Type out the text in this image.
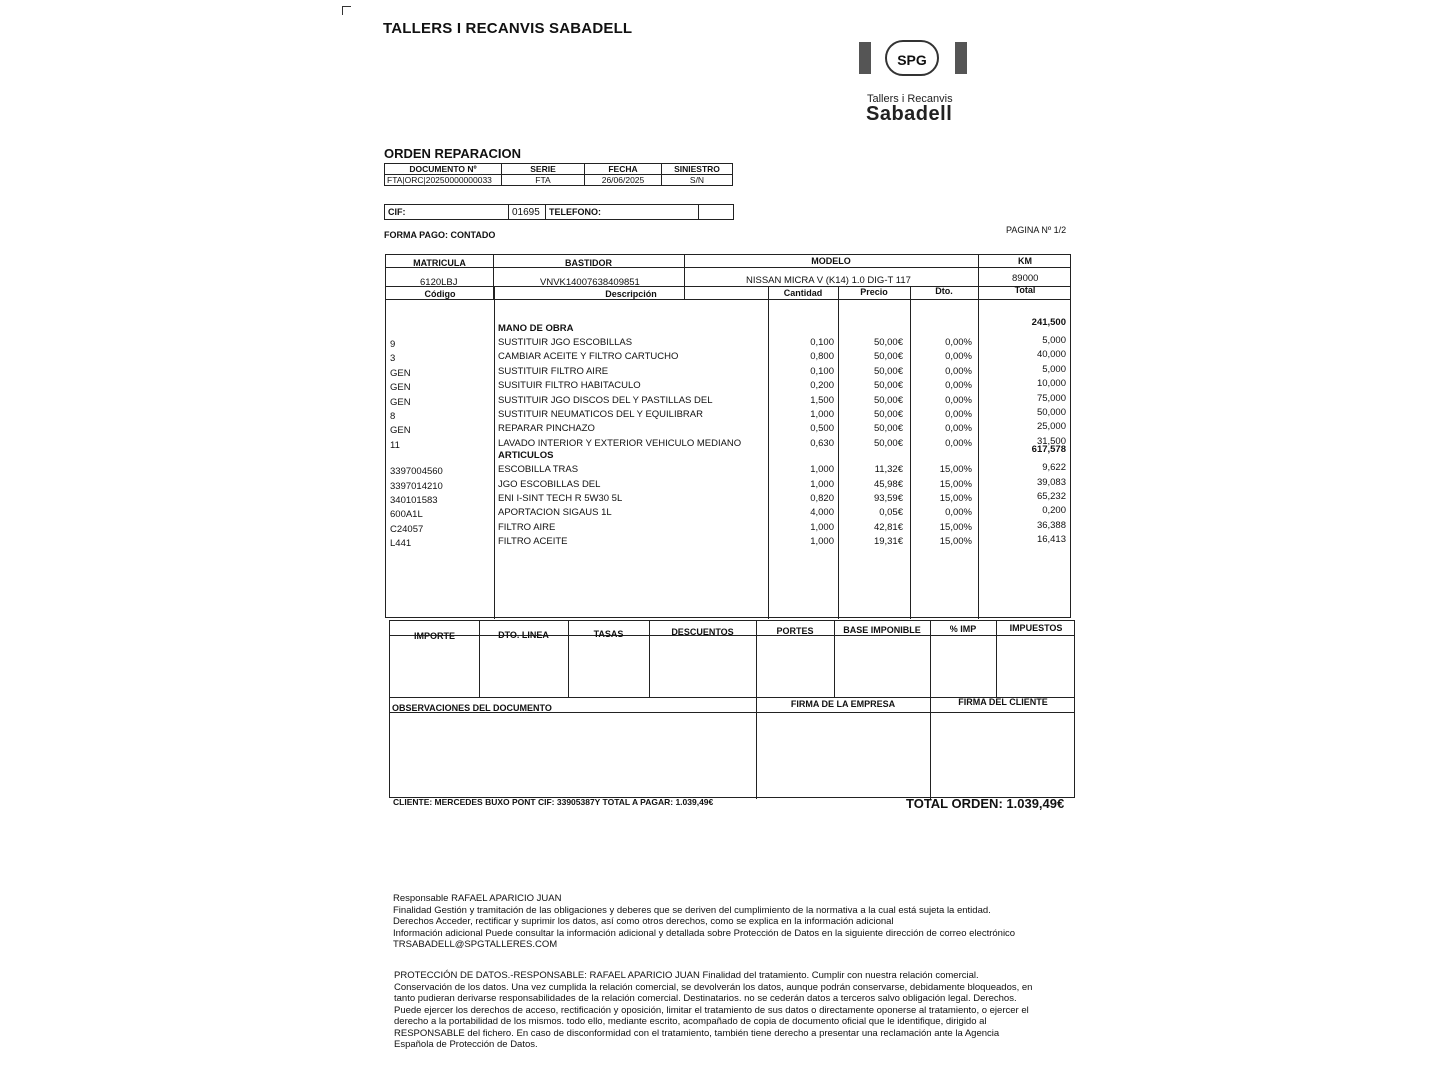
TALLERS I RECANVIS SABADELL
SPG
Tallers i Recanvis
Sabadell
ORDEN REPARACION
DOCUMENTO Nº	SERIE	FECHA	SINIESTRO
FTA|ORC|20250000000033	FTA	26/06/2025	S/N
CIF:	01695 TELEFONO:
FORMA PAGO: CONTADO	PAGINA Nº 1/2
MATRICULA	BASTIDOR	MODELO	KM
6120LBJ	VNVK14007638409851	NISSAN MICRA V (K14) 1.0 DIG-T 117	89000
Código	Descripción	Cantidad	Precio	Dto.	Total
MANO DE OBRA
241,500
9	SUSTITUIR JGO ESCOBILLAS	0,100	50,00€	0,00%	5,000
3	CAMBIAR ACEITE Y FILTRO CARTUCHO	0,800	50,00€	0,00%	40,000
GEN	SUSTITUIR FILTRO AIRE	0,100	50,00€	0,00%	5,000
GEN	SUSITUIR FILTRO HABITACULO	0,200	50,00€	0,00%	10,000
GEN	SUSTITUIR JGO DISCOS DEL Y PASTILLAS DEL	1,500	50,00€	0,00%	75,000
8	SUSTITUIR NEUMATICOS DEL Y EQUILIBRAR	1,000	50,00€	0,00%	50,000
GEN	REPARAR PINCHAZO	0,500	50,00€	0,00%	25,000
11	LAVADO INTERIOR Y EXTERIOR VEHICULO MEDIANO	0,630	50,00€	0,00%	31,500
ARTICULOS
617,578
3397004560	ESCOBILLA TRAS	1,000	11,32€	15,00%	9,622
3397014210	JGO ESCOBILLAS DEL	1,000	45,98€	15,00%	39,083
340101583	ENI I-SINT TECH R 5W30 5L	0,820	93,59€	15,00%	65,232
600A1L	APORTACION SIGAUS 1L	4,000	0,05€	0,00%	0,200
C24057	FILTRO AIRE	1,000	42,81€	15,00%	36,388
L441	FILTRO ACEITE	1,000	19,31€	15,00%	16,413
IMPORTE	DTO. LINEA	TASAS	DESCUENTOS	PORTES	BASE IMPONIBLE	% IMP	IMPUESTOS
OBSERVACIONES DEL DOCUMENTO	FIRMA DE LA EMPRESA	FIRMA DEL CLIENTE
CLIENTE: MERCEDES BUXO PONT CIF: 33905387Y TOTAL A PAGAR: 1.039,49€	TOTAL ORDEN: 1.039,49€
Responsable RAFAEL APARICIO JUAN
Finalidad Gestión y tramitación de las obligaciones y deberes que se deriven del cumplimiento de la normativa a la cual está sujeta la entidad.
Derechos Acceder, rectificar y suprimir los datos, así como otros derechos, como se explica en la información adicional
Información adicional Puede consultar la información adicional y detallada sobre Protección de Datos en la siguiente dirección de correo electrónico
TRSABADELL@SPGTALLERES.COM
PROTECCIÓN DE DATOS.-RESPONSABLE: RAFAEL APARICIO JUAN Finalidad del tratamiento. Cumplir con nuestra relación comercial.
Conservación de los datos. Una vez cumplida la relación comercial, se devolverán los datos, aunque podrán conservarse, debidamente bloqueados, en
tanto pudieran derivarse responsabilidades de la relación comercial. Destinatarios. no se cederán datos a terceros salvo obligación legal. Derechos.
Puede ejercer los derechos de acceso, rectificación y oposición, limitar el tratamiento de sus datos o directamente oponerse al tratamiento, o ejercer el
derecho a la portabilidad de los mismos. todo ello, mediante escrito, acompañado de copia de documento oficial que le identifique, dirigido al
RESPONSABLE del fichero. En caso de disconformidad con el tratamiento, también tiene derecho a presentar una reclamación ante la Agencia
Española de Protección de Datos.
